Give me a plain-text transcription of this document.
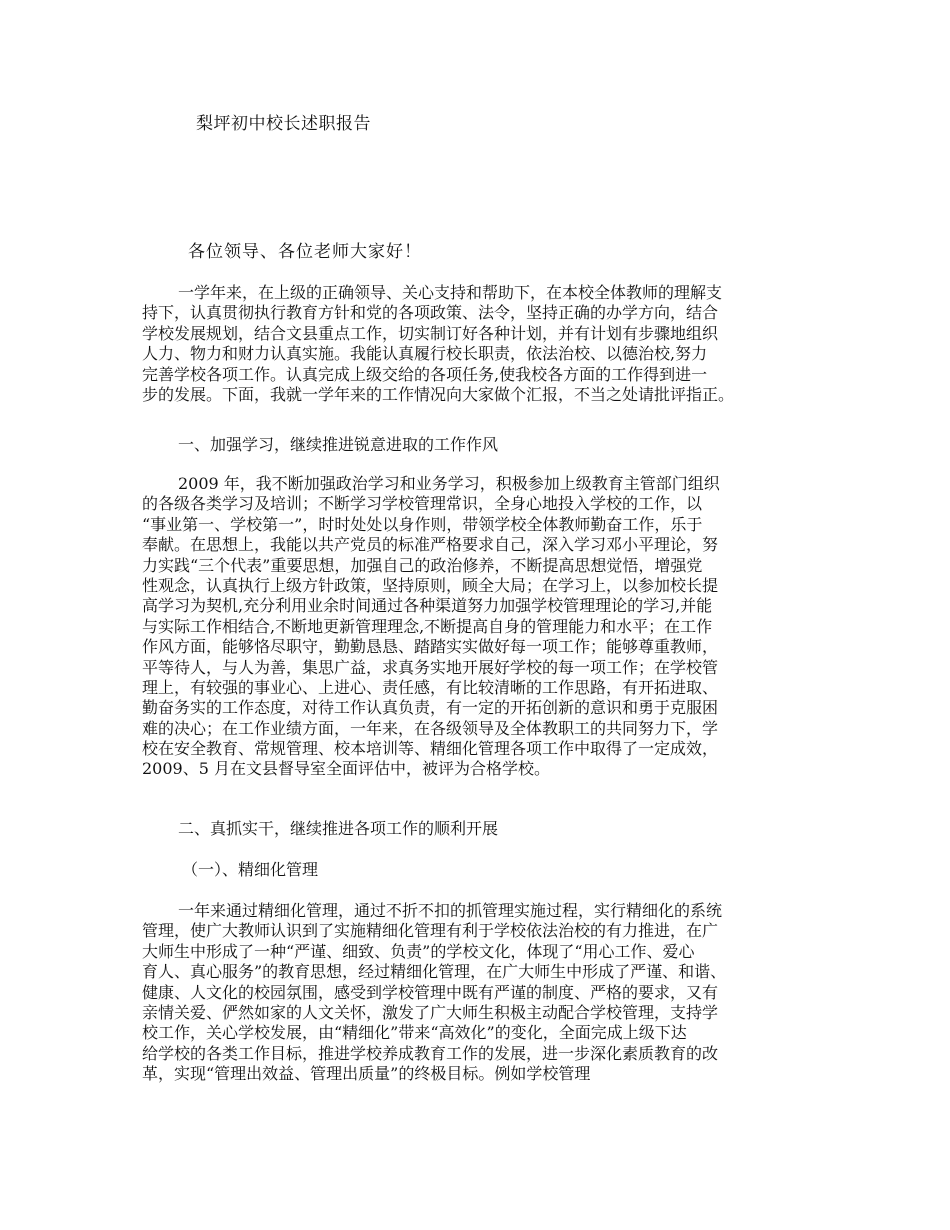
梨坪初中校长述职报告
各位领导、各位老师大家好！
一学年来，在上级的正确领导、关心支持和帮助下，在本校全体教师的理解支
持下，认真贯彻执行教育方针和党的各项政策、法令，坚持正确的办学方向，结合
学校发展规划，结合文县重点工作，切实制订好各种计划，并有计划有步骤地组织
人力、物力和财力认真实施。我能认真履行校长职责，依法治校、以德治校,努力
完善学校各项工作。认真完成上级交给的各项任务,使我校各方面的工作得到进一
步的发展。下面，我就一学年来的工作情况向大家做个汇报，不当之处请批评指正。
一、加强学习，继续推进锐意进取的工作作风
2009 年，我不断加强政治学习和业务学习，积极参加上级教育主管部门组织
的各级各类学习及培训；不断学习学校管理常识，全身心地投入学校的工作，以
“事业第一、学校第一”，时时处处以身作则，带领学校全体教师勤奋工作，乐于
奉献。在思想上，我能以共产党员的标准严格要求自己，深入学习邓小平理论，努
力实践“三个代表”重要思想，加强自己的政治修养，不断提高思想觉悟，增强党
性观念，认真执行上级方针政策，坚持原则，顾全大局；在学习上，以参加校长提
高学习为契机,充分利用业余时间通过各种渠道努力加强学校管理理论的学习,并能
与实际工作相结合,不断地更新管理理念,不断提高自身的管理能力和水平；在工作
作风方面，能够恪尽职守，勤勤恳恳、踏踏实实做好每一项工作；能够尊重教师，
平等待人，与人为善，集思广益，求真务实地开展好学校的每一项工作；在学校管
理上，有较强的事业心、上进心、责任感，有比较清晰的工作思路，有开拓进取、
勤奋务实的工作态度，对待工作认真负责，有一定的开拓创新的意识和勇于克服困
难的决心；在工作业绩方面，一年来，在各级领导及全体教职工的共同努力下，学
校在安全教育、常规管理、校本培训等、精细化管理各项工作中取得了一定成效，
2009、5 月在文县督导室全面评估中，被评为合格学校。
二、真抓实干，继续推进各项工作的顺利开展
（一）、精细化管理
一年来通过精细化管理，通过不折不扣的抓管理实施过程，实行精细化的系统
管理，使广大教师认识到了实施精细化管理有利于学校依法治校的有力推进，在广
大师生中形成了一种“严谨、细致、负责”的学校文化，体现了“用心工作、爱心
育人、真心服务”的教育思想，经过精细化管理，在广大师生中形成了严谨、和谐、
健康、人文化的校园氛围，感受到学校管理中既有严谨的制度、严格的要求，又有
亲情关爱、俨然如家的人文关怀，激发了广大师生积极主动配合学校管理，支持学
校工作，关心学校发展，由“精细化”带来“高效化”的变化，全面完成上级下达
给学校的各类工作目标，推进学校养成教育工作的发展，进一步深化素质教育的改
革，实现“管理出效益、管理出质量”的终极目标。例如学校管理
